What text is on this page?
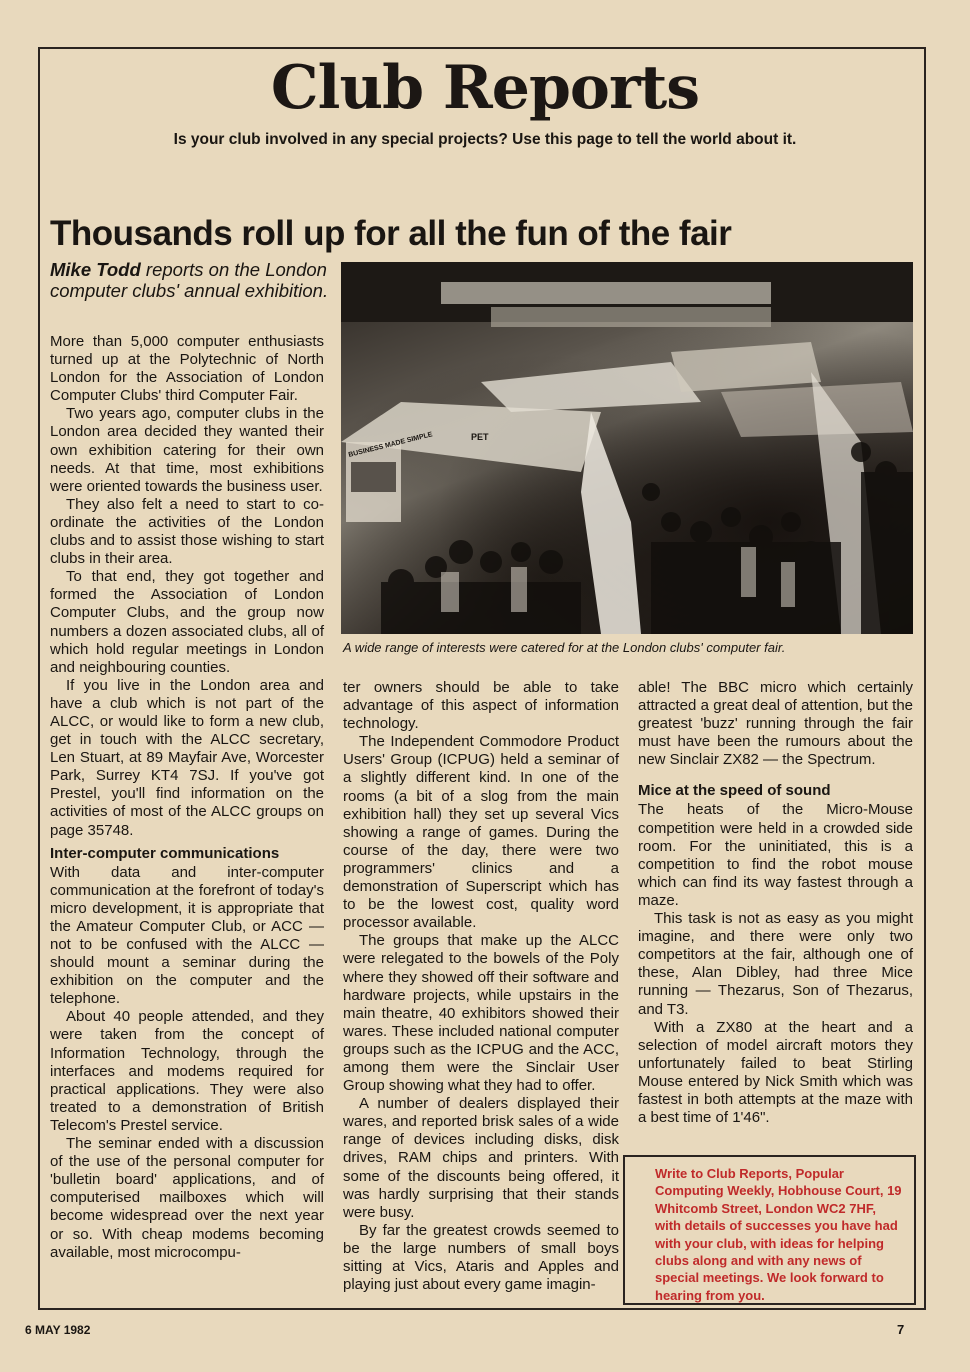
Club Reports
Is your club involved in any special projects? Use this page to tell the world about it.
Thousands roll up for all the fun of the fair
Mike Todd reports on the London computer clubs' annual exhibition.
BUSINESS MADE SIMPLE	PET
A wide range of interests were catered for at the London clubs' computer fair.

More than 5,000 computer enthusiasts turned up at the Polytechnic of North London for the Association of London Computer Clubs' third Computer Fair.

Two years ago, computer clubs in the London area decided they wanted their own exhibition catering for their own needs. At that time, most exhibitions were oriented towards the business user.

They also felt a need to start to co-ordinate the activities of the London clubs and to assist those wishing to start clubs in their area.

To that end, they got together and formed the Association of London Computer Clubs, and the group now numbers a dozen associated clubs, all of which hold regular meetings in London and neighbouring counties.

If you live in the London area and have a club which is not part of the ALCC, or would like to form a new club, get in touch with the ALCC secretary, Len Stuart, at 89 Mayfair Ave, Worcester Park, Surrey KT4 7SJ. If you've got Prestel, you'll find information on the activities of most of the ALCC groups on page 35748.

Inter-computer communications

With data and inter-computer communication at the forefront of today's micro development, it is appropriate that the Amateur Computer Club, or ACC — not to be confused with the ALCC — should mount a seminar during the exhibition on the computer and the telephone.

About 40 people attended, and they were taken from the concept of Information Technology, through the interfaces and modems required for practical applications. They were also treated to a demonstration of British Telecom's Prestel service.

The seminar ended with a discussion of the use of the personal computer for 'bulletin board' applications, and of computerised mailboxes which will become widespread over the next year or so. With cheap modems becoming available, most microcompu-

ter owners should be able to take advantage of this aspect of information technology.

The Independent Commodore Product Users' Group (ICPUG) held a seminar of a slightly different kind. In one of the rooms (a bit of a slog from the main exhibition hall) they set up several Vics showing a range of games. During the course of the day, there were two programmers' clinics and a demonstration of Superscript which has to be the lowest cost, quality word processor available.

The groups that make up the ALCC were relegated to the bowels of the Poly where they showed off their software and hardware projects, while upstairs in the main theatre, 40 exhibitors showed their wares. These included national computer groups such as the ICPUG and the ACC, among them were the Sinclair User Group showing what they had to offer.

A number of dealers displayed their wares, and reported brisk sales of a wide range of devices including disks, disk drives, RAM chips and printers. With some of the discounts being offered, it was hardly surprising that their stands were busy.

By far the greatest crowds seemed to be the large numbers of small boys sitting at Vics, Ataris and Apples and playing just about every game imagin-

able! The BBC micro which certainly attracted a great deal of attention, but the greatest 'buzz' running through the fair must have been the rumours about the new Sinclair ZX82 — the Spectrum.

Mice at the speed of sound

The heats of the Micro-Mouse competition were held in a crowded side room. For the uninitiated, this is a competition to find the robot mouse which can find its way fastest through a maze.

This task is not as easy as you might imagine, and there were only two competitors at the fair, although one of these, Alan Dibley, had three Mice running — Thezarus, Son of Thezarus, and T3.

With a ZX80 at the heart and a selection of model aircraft motors they unfortunately failed to beat Stirling Mouse entered by Nick Smith which was fastest in both attempts at the maze with a best time of 1'46".

Write to Club Reports, Popular Computing Weekly, Hobhouse Court, 19 Whitcomb Street, London WC2 7HF, with details of successes you have had with your club, with ideas for helping clubs along and with any news of special meetings. We look forward to hearing from you.

6 MAY 1982	7
